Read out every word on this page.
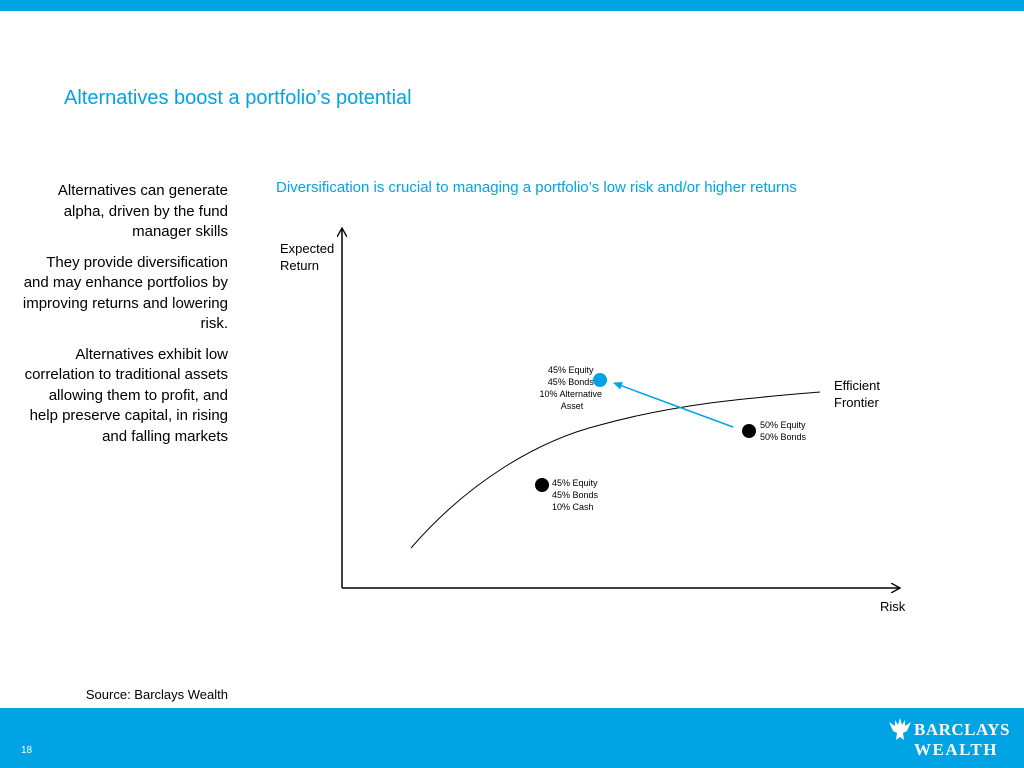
Alternatives boost a portfolio’s potential

Alternatives can generate alpha, driven by the fund manager skills

They provide diversification and may enhance portfolios by improving returns and lowering risk.

Alternatives exhibit low correlation to traditional assets allowing them to profit, and help preserve capital, in rising and falling markets

Diversification is crucial to managing a portfolio’s low risk and/or higher returns
Expected Return
Risk
Efficient Frontier
45% Equity 45% Bonds 10% Alternative Asset
50% Equity 50% Bonds
45% Equity 45% Bonds 10% Cash
Source: Barclays Wealth
18
BARCLAYS
WEALTH
